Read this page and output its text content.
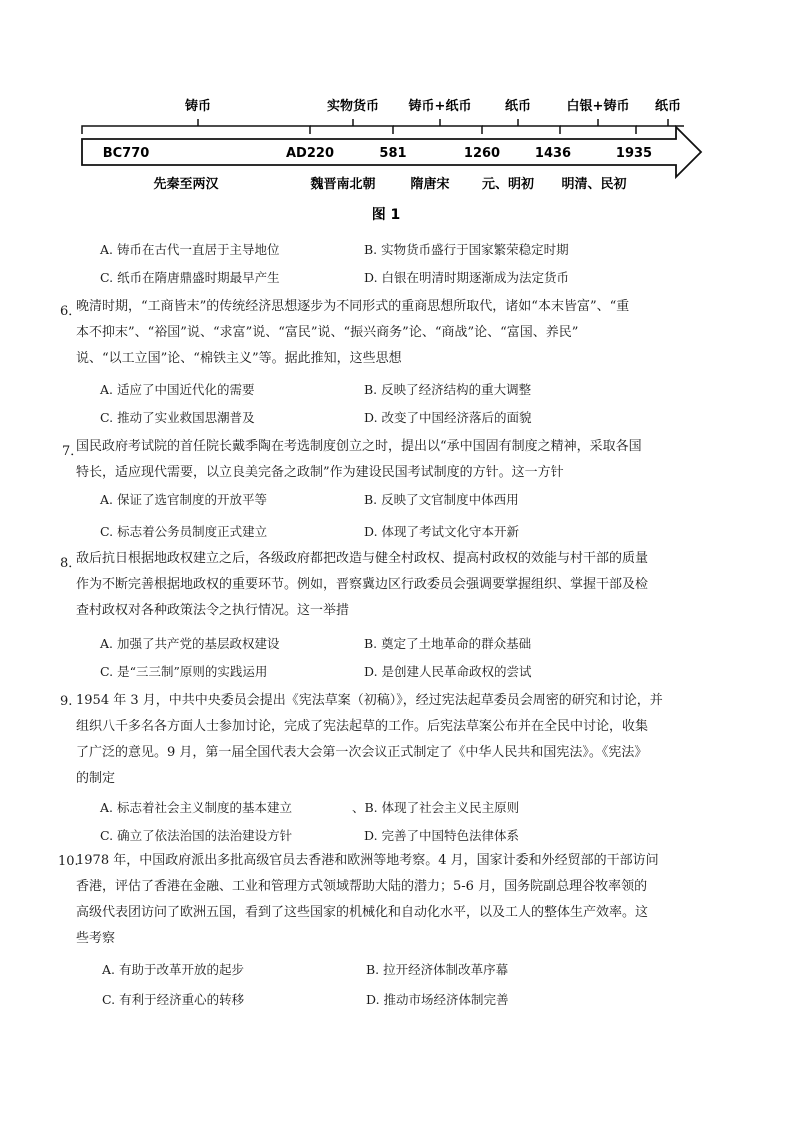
铸币	实物货币 铸币+纸币	纸币	白银+铸币 纸币
BC770	AD220	581	1260	1436	1935
先秦至两汉	魏晋南北朝	隋唐宋 元、明初 明清、民初
图 1
A. 铸币在古代一直居于主导地位	B. 实物货币盛行于国家繁荣稳定时期
C. 纸币在隋唐鼎盛时期最早产生	D. 白银在明清时期逐渐成为法定货币
6．
晚清时期，“工商皆末”的传统经济思想逐步为不同形式的重商思想所取代，诸如“本末皆富”、“重
本不抑末”、“裕国”说、“求富”说、“富民”说、“振兴商务”论、“商战”论、“富国、养民”
说、“以工立国”论、“棉铁主义”等。据此推知，这些思想
A. 适应了中国近代化的需要	B. 反映了经济结构的重大调整
C. 推动了实业救国思潮普及	D. 改变了中国经济落后的面貌
7．
国民政府考试院的首任院长戴季陶在考选制度创立之时，提出以“承中国固有制度之精神，采取各国
特长，适应现代需要，以立良美完备之政制”作为建设民国考试制度的方针。这一方针
A. 保证了选官制度的开放平等	B. 反映了文官制度中体西用
C. 标志着公务员制度正式建立	D. 体现了考试文化守本开新
8．
敌后抗日根据地政权建立之后，各级政府都把改造与健全村政权、提高村政权的效能与村干部的质量
作为不断完善根据地政权的重要环节。例如，晋察冀边区行政委员会强调要掌握组织、掌握干部及检
查村政权对各种政策法令之执行情况。这一举措
A. 加强了共产党的基层政权建设	B. 奠定了土地革命的群众基础
C. 是“三三制”原则的实践运用	D. 是创建人民革命政权的尝试
9. 1954 年 3 月，中共中央委员会提出《宪法草案（初稿）》，经过宪法起草委员会周密的研究和讨论，并
组织八千多名各方面人士参加讨论，完成了宪法起草的工作。后宪法草案公布并在全民中讨论，收集
了广泛的意见。9 月，第一届全国代表大会第一次会议正式制定了《中华人民共和国宪法》。《宪法》
的制定
A. 标志着社会主义制度的基本建立	、B. 体现了社会主义民主原则
C. 确立了依法治国的法治建设方针	D. 完善了中国特色法律体系
10.
1978 年，中国政府派出多批高级官员去香港和欧洲等地考察。4 月，国家计委和外经贸部的干部访问
香港，评估了香港在金融、工业和管理方式领域帮助大陆的潜力；5-6 月，国务院副总理谷牧率领的
高级代表团访问了欧洲五国，看到了这些国家的机械化和自动化水平，以及工人的整体生产效率。这
些考察
A. 有助于改革开放的起步	B. 拉开经济体制改革序幕
C. 有利于经济重心的转移	D. 推动市场经济体制完善
